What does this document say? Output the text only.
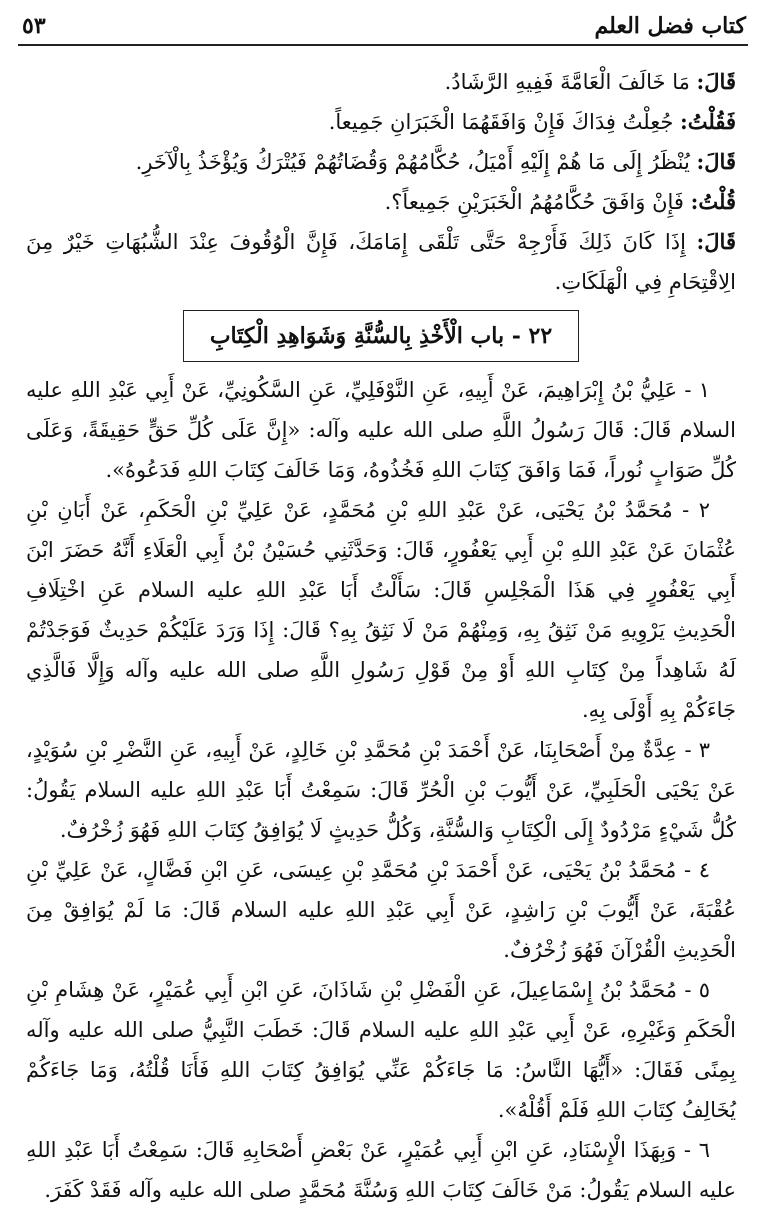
كتاب فضل العلم
٥٣

قَالَ: مَا خَالَفَ الْعَامَّةَ فَفِيهِ الرَّشَادُ.

فَقُلْتُ: جُعِلْتُ فِدَاكَ فَإِنْ وَافَقَهُمَا الْخَبَرَانِ جَمِيعاً.

قَالَ: يُنْظَرُ إِلَى مَا هُمْ إِلَيْهِ أَمْيَلُ، حُكَّامُهُمْ وَقُضَاتُهُمْ فَيُتْرَكُ وَيُؤْخَذُ بِالْآخَرِ.

قُلْتُ: فَإِنْ وَافَقَ حُكَّامُهُمُ الْخَبَرَيْنِ جَمِيعاً؟.

قَالَ: إِذَا كَانَ ذَلِكَ فَأَرْجِهْ حَتَّى تَلْقَى إِمَامَكَ، فَإِنَّ الْوُقُوفَ عِنْدَ الشُّبُهَاتِ خَيْرٌ مِنَ الِاقْتِحَامِ فِي الْهَلَكَاتِ.

٢٢ - باب الْأَخْذِ بِالسُّنَّةِ وَشَوَاهِدِ الْكِتَابِ

١ - عَلِيُّ بْنُ إِبْرَاهِيمَ، عَنْ أَبِيهِ، عَنِ النَّوْفَلِيِّ، عَنِ السَّكُونِيِّ، عَنْ أَبِي عَبْدِ اللهِ عليه السلام قَالَ: قَالَ رَسُولُ اللَّهِ صلى الله عليه وآله: «إِنَّ عَلَى كُلِّ حَقٍّ حَقِيقَةً، وَعَلَى كُلِّ صَوَابٍ نُوراً، فَمَا وَافَقَ كِتَابَ اللهِ فَخُذُوهُ، وَمَا خَالَفَ كِتَابَ اللهِ فَدَعُوهُ».

٢ - مُحَمَّدُ بْنُ يَحْيَى، عَنْ عَبْدِ اللهِ بْنِ مُحَمَّدٍ، عَنْ عَلِيِّ بْنِ الْحَكَمِ، عَنْ أَبَانِ بْنِ عُثْمَانَ عَنْ عَبْدِ اللهِ بْنِ أَبِي يَعْفُورٍ، قَالَ: وَحَدَّثَنِي حُسَيْنُ بْنُ أَبِي الْعَلَاءِ أَنَّهُ حَضَرَ ابْنَ أَبِي يَعْفُورٍ فِي هَذَا الْمَجْلِسِ قَالَ: سَأَلْتُ أَبَا عَبْدِ اللهِ عليه السلام عَنِ اخْتِلَافِ الْحَدِيثِ يَرْوِيهِ مَنْ نَثِقُ بِهِ، وَمِنْهُمْ مَنْ لَا نَثِقُ بِهِ؟ قَالَ: إِذَا وَرَدَ عَلَيْكُمْ حَدِيثٌ فَوَجَدْتُمْ لَهُ شَاهِداً مِنْ كِتَابِ اللهِ أَوْ مِنْ قَوْلِ رَسُولِ اللَّهِ صلى الله عليه وآله وَإِلَّا فَالَّذِي جَاءَكُمْ بِهِ أَوْلَى بِهِ.

٣ - عِدَّةٌ مِنْ أَصْحَابِنَا، عَنْ أَحْمَدَ بْنِ مُحَمَّدِ بْنِ خَالِدٍ، عَنْ أَبِيهِ، عَنِ النَّضْرِ بْنِ سُوَيْدٍ، عَنْ يَحْيَى الْحَلَبِيِّ، عَنْ أَيُّوبَ بْنِ الْحُرِّ قَالَ: سَمِعْتُ أَبَا عَبْدِ اللهِ عليه السلام يَقُولُ: كُلُّ شَيْءٍ مَرْدُودٌ إِلَى الْكِتَابِ وَالسُّنَّةِ، وَكُلُّ حَدِيثٍ لَا يُوَافِقُ كِتَابَ اللهِ فَهُوَ زُخْرُفٌ.

٤ - مُحَمَّدُ بْنُ يَحْيَى، عَنْ أَحْمَدَ بْنِ مُحَمَّدِ بْنِ عِيسَى، عَنِ ابْنِ فَضَّالٍ، عَنْ عَلِيِّ بْنِ عُقْبَةَ، عَنْ أَيُّوبَ بْنِ رَاشِدٍ، عَنْ أَبِي عَبْدِ اللهِ عليه السلام قَالَ: مَا لَمْ يُوَافِقْ مِنَ الْحَدِيثِ الْقُرْآنَ فَهُوَ زُخْرُفٌ.

٥ - مُحَمَّدُ بْنُ إِسْمَاعِيلَ، عَنِ الْفَضْلِ بْنِ شَاذَانَ، عَنِ ابْنِ أَبِي عُمَيْرٍ، عَنْ هِشَامِ بْنِ الْحَكَمِ وَغَيْرِهِ، عَنْ أَبِي عَبْدِ اللهِ عليه السلام قَالَ: خَطَبَ النَّبِيُّ صلى الله عليه وآله بِمِنًى فَقَالَ: «أَيُّهَا النَّاسُ: مَا جَاءَكُمْ عَنِّي يُوَافِقُ كِتَابَ اللهِ فَأَنَا قُلْتُهُ، وَمَا جَاءَكُمْ يُخَالِفُ كِتَابَ اللهِ فَلَمْ أَقُلْهُ».

٦ - وَبِهَذَا الْإِسْنَادِ، عَنِ ابْنِ أَبِي عُمَيْرٍ، عَنْ بَعْضِ أَصْحَابِهِ قَالَ: سَمِعْتُ أَبَا عَبْدِ اللهِ عليه السلام يَقُولُ: مَنْ خَالَفَ كِتَابَ اللهِ وَسُنَّةَ مُحَمَّدٍ صلى الله عليه وآله فَقَدْ كَفَرَ.
